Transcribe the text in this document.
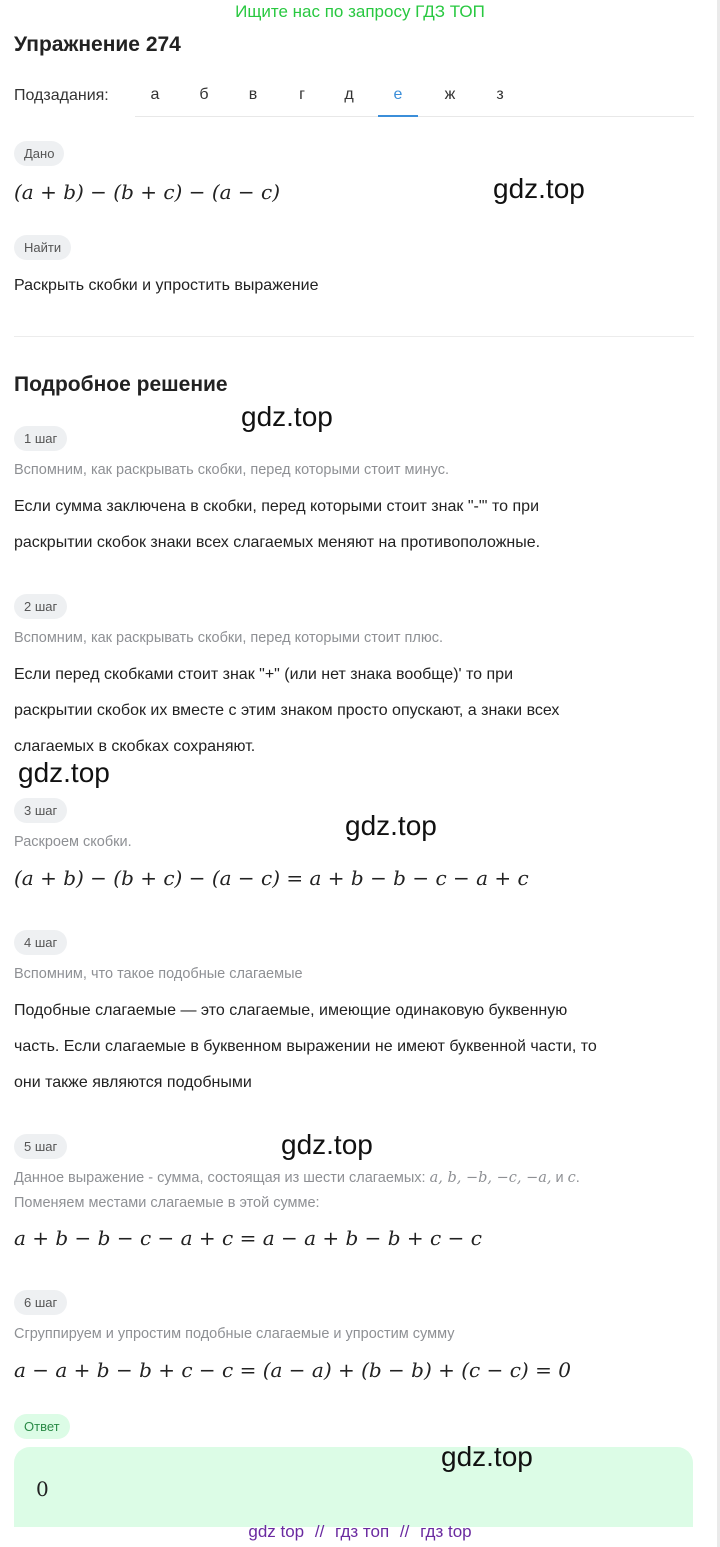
Ищите нас по запросу ГДЗ ТОП
Упражнение 274
Подзадания:	а	б	в	г	д	е	ж	з
Дано
(a + b) − (b + c) − (a − c)
Найти
Раскрыть скобки и упростить выражение
Подробное решение
1 шаг
Вспомним, как раскрывать скобки, перед которыми стоит минус.
Если сумма заключена в скобки, перед которыми стоит знак "-"' то при
раскрытии скобок знаки всех слагаемых меняют на противоположные.
2 шаг
Вспомним, как раскрывать скобки, перед которыми стоит плюс.
Если перед скобками стоит знак "+" (или нет знака вообще)' то при
раскрытии скобок их вместе с этим знаком просто опускают, а знаки всех
слагаемых в скобках сохраняют.
3 шаг
Раскроем скобки.
(a + b) − (b + c) − (a − c) = a + b − b − c − a + c
4 шаг
Вспомним, что такое подобные слагаемые
Подобные слагаемые — это слагаемые, имеющие одинаковую буквенную
часть. Если слагаемые в буквенном выражении не имеют буквенной части, то
они также являются подобными
5 шаг
Данное выражение - сумма, состоящая из шести слагаемых: a, b, −b, −c, −a, и c.
Поменяем местами слагаемые в этой сумме:
a + b − b − c − a + c = a − a + b − b + c − c
6 шаг
Сгруппируем и упростим подобные слагаемые и упростим сумму
a − a + b − b + c − c = (a − a) + (b − b) + (c − c) = 0
Ответ
0
gdz.top
gdz.top
gdz.top
gdz.top
gdz.top
gdz.top
gdz top // гдз топ // гдз top
